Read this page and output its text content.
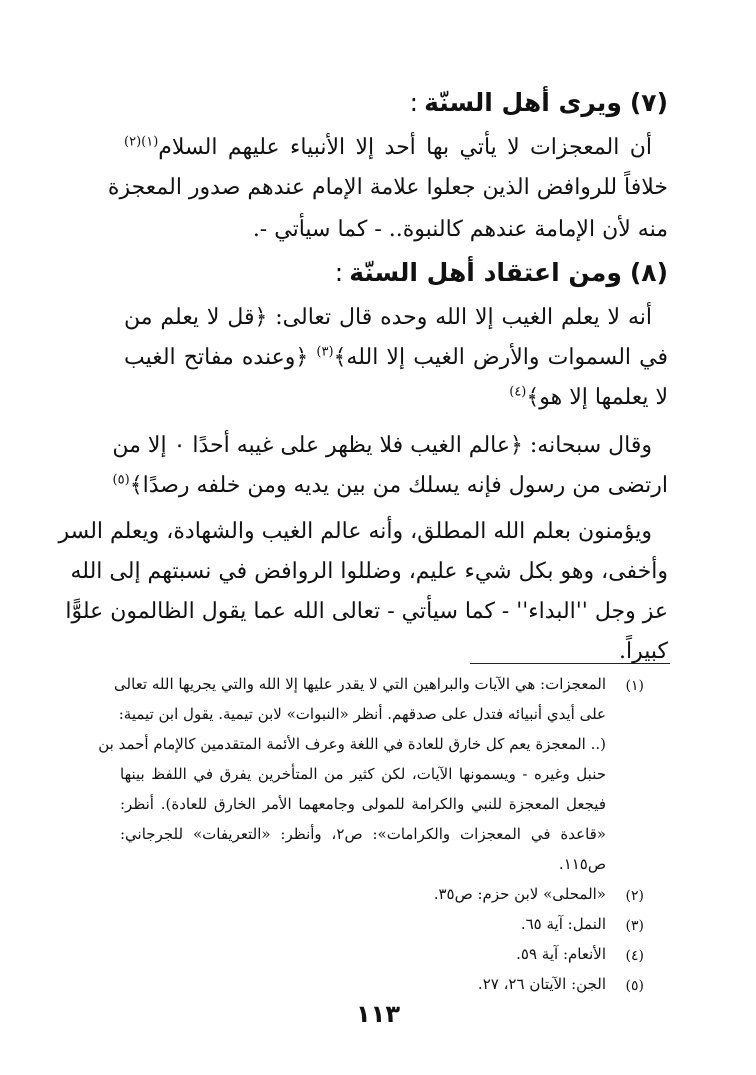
(٧)ويرى أهل السنّة:
أن المعجزات لا يأتي بها أحد إلا الأنبياء عليهم السلام$^{(١)(٢)}$
خلافاً للروافض الذين جعلوا علامة الإمام عندهم صدور المعجزة
منه لأن الإمامة عندهم كالنبوة.. - كما سيأتي -.
(٨)ومن اعتقاد أهل السنّة:
أنه لا يعلم الغيب إلا الله وحده قال تعالى: ﴿قل لا يعلم من
في السموات والأرض الغيب إلا الله﴾$^{(٣)}$ ﴿وعنده مفاتح الغيب
لا يعلمها إلا هو﴾$^{(٤)}$
وقال سبحانه: ﴿عالم الغيب فلا يظهر على غيبه أحدًا ٠ إلا من
ارتضى من رسول فإنه يسلك من بين يديه ومن خلفه رصدًا﴾$^{(٥)}$
ويؤمنون بعلم الله المطلق، وأنه عالم الغيب والشهادة، ويعلم السر
وأخفى، وهو بكل شيء عليم، وضللوا الروافض في نسبتهم إلى الله
عز وجل ''البداء'' - كما سيأتي - تعالى الله عما يقول الظالمون علوًّا
كبيراً.
(١)
المعجزات: هي الآيات والبراهين التي لا يقدر عليها إلا الله والتي يجريها الله تعالى
على أيدي أنبيائه فتدل على صدقهم. أنظر «النبوات» لابن تيمية. يقول ابن تيمية:
(.. المعجزة يعم كل خارق للعادة في اللغة وعرف الأئمة المتقدمين كالإمام أحمد بن
حنبل وغيره - ويسمونها الآيات، لكن كثير من المتأخرين يفرق في اللفظ بينها
فيجعل المعجزة للنبي والكرامة للمولى وجامعهما الأمر الخارق للعادة). أنظر:
«قاعدة في المعجزات والكرامات»: ص٢، وأنظر: «التعريفات» للجرجاني:
ص١١٥.
(٢)
«المحلى» لابن حزم: ص٣٥.
(٣)
النمل: آية ٦٥.
(٤)
الأنعام: آية ٥٩.
(٥)
الجن: الآيتان ٢٦، ٢٧.
١١٣
